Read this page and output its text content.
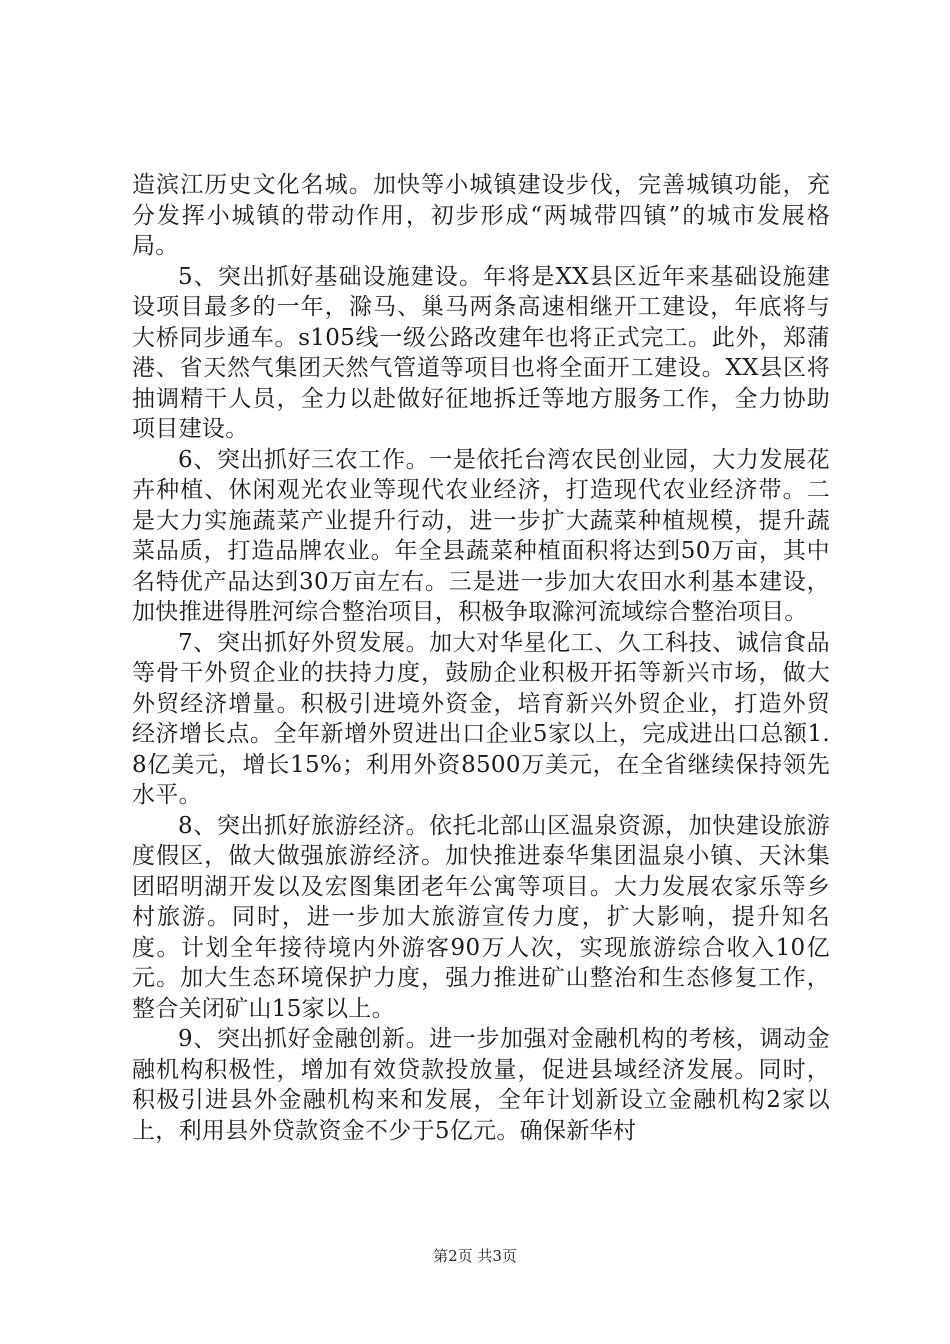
造滨江历史文化名城。加快等小城镇建设步伐，完善城镇功能，充分发挥小城镇的带动作用，初步形成“两城带四镇”的城市发展格局。

5、突出抓好基础设施建设。年将是XX县区近年来基础设施建设项目最多的一年，滁马、巢马两条高速相继开工建设，年底将与大桥同步通车。s105线一级公路改建年也将正式完工。此外，郑蒲港、省天然气集团天然气管道等项目也将全面开工建设。XX县区将抽调精干人员，全力以赴做好征地拆迁等地方服务工作，全力协助项目建设。

6、突出抓好三农工作。一是依托台湾农民创业园，大力发展花卉种植、休闲观光农业等现代农业经济，打造现代农业经济带。二是大力实施蔬菜产业提升行动，进一步扩大蔬菜种植规模，提升蔬菜品质，打造品牌农业。年全县蔬菜种植面积将达到50万亩，其中名特优产品达到30万亩左右。三是进一步加大农田水利基本建设，加快推进得胜河综合整治项目，积极争取滁河流域综合整治项目。

7、突出抓好外贸发展。加大对华星化工、久工科技、诚信食品等骨干外贸企业的扶持力度，鼓励企业积极开拓等新兴市场，做大外贸经济增量。积极引进境外资金，培育新兴外贸企业，打造外贸经济增长点。全年新增外贸进出口企业5家以上，完成进出口总额1.8亿美元，增长15%；利用外资8500万美元，在全省继续保持领先水平。

8、突出抓好旅游经济。依托北部山区温泉资源，加快建设旅游度假区，做大做强旅游经济。加快推进泰华集团温泉小镇、天沐集团昭明湖开发以及宏图集团老年公寓等项目。大力发展农家乐等乡村旅游。同时，进一步加大旅游宣传力度，扩大影响，提升知名度。计划全年接待境内外游客90万人次，实现旅游综合收入10亿元。加大生态环境保护力度，强力推进矿山整治和生态修复工作，整合关闭矿山15家以上。

9、突出抓好金融创新。进一步加强对金融机构的考核，调动金融机构积极性，增加有效贷款投放量，促进县域经济发展。同时，积极引进县外金融机构来和发展，全年计划新设立金融机构2家以上，利用县外贷款资金不少于5亿元。确保新华村

第2页 共3页
